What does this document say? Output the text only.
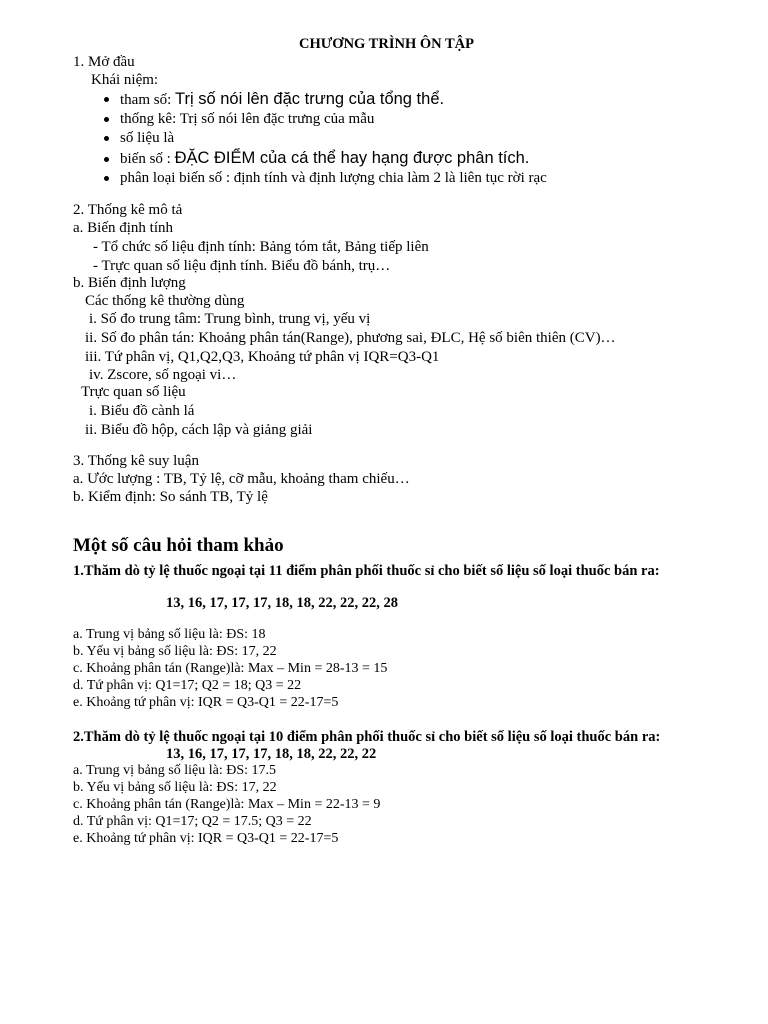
CHƯƠNG TRÌNH ÔN TẬP
1. Mở đầu
Khái niệm:
tham số: Trị số nói lên đặc trưng của tổng thể.
thống kê: Trị số nói lên đặc trưng của mẫu
số liệu là
biến số : ĐẶC ĐIỂM của cá thể hay hạng được phân tích.
phân loại biến số : định tính và định lượng chia làm 2 là liên tục rời rạc
2. Thống kê mô tả
a. Biến định tính
- Tổ chức số liệu định tính: Bảng tóm tắt, Bảng tiếp liên
- Trực quan số liệu định tính. Biểu đồ bánh, trụ…
b. Biến định lượng
Các thống kê thường dùng
i. Số đo trung tâm: Trung bình, trung vị, yếu vị
ii. Số đo phân tán: Khoảng phân tán(Range), phương sai, ĐLC, Hệ số biên thiên (CV)…
iii. Tứ phân vị, Q1,Q2,Q3, Khoảng tứ phân vị IQR=Q3-Q1
iv. Zscore, số ngoại vi…
Trực quan số liệu
i. Biểu đồ cành lá
ii. Biểu đồ hộp, cách lập và giảng giải
3. Thống kê suy luận
a. Ước lượng : TB, Tỷ lệ, cỡ mẫu, khoảng tham chiếu…
b. Kiểm định: So sánh TB, Tỷ lệ
Một số câu hỏi tham khảo
1.Thăm dò tỷ lệ thuốc ngoại tại 11 điểm phân phối thuốc sỉ cho biết số liệu số loại thuốc bán ra:
13, 16, 17, 17, 17, 18, 18, 22, 22, 22, 28
a. Trung vị bảng số liệu là: ĐS: 18
b. Yếu vị bảng số liệu là: ĐS: 17, 22
c. Khoảng phân tán (Range)là: Max – Min = 28-13 = 15
d. Tứ phân vị: Q1=17; Q2 = 18; Q3 = 22
e. Khoảng tứ phân vị: IQR = Q3-Q1 = 22-17=5
2.Thăm dò tỷ lệ thuốc ngoại tại 10 điểm phân phối thuốc sỉ cho biết số liệu số loại thuốc bán ra:
13, 16, 17, 17, 17, 18, 18, 22, 22, 22
a. Trung vị bảng số liệu là: ĐS: 17.5
b. Yếu vị bảng số liệu là: ĐS: 17, 22
c. Khoảng phân tán (Range)là: Max – Min = 22-13 = 9
d. Tứ phân vị: Q1=17; Q2 = 17.5; Q3 = 22
e. Khoảng tứ phân vị: IQR = Q3-Q1 = 22-17=5
